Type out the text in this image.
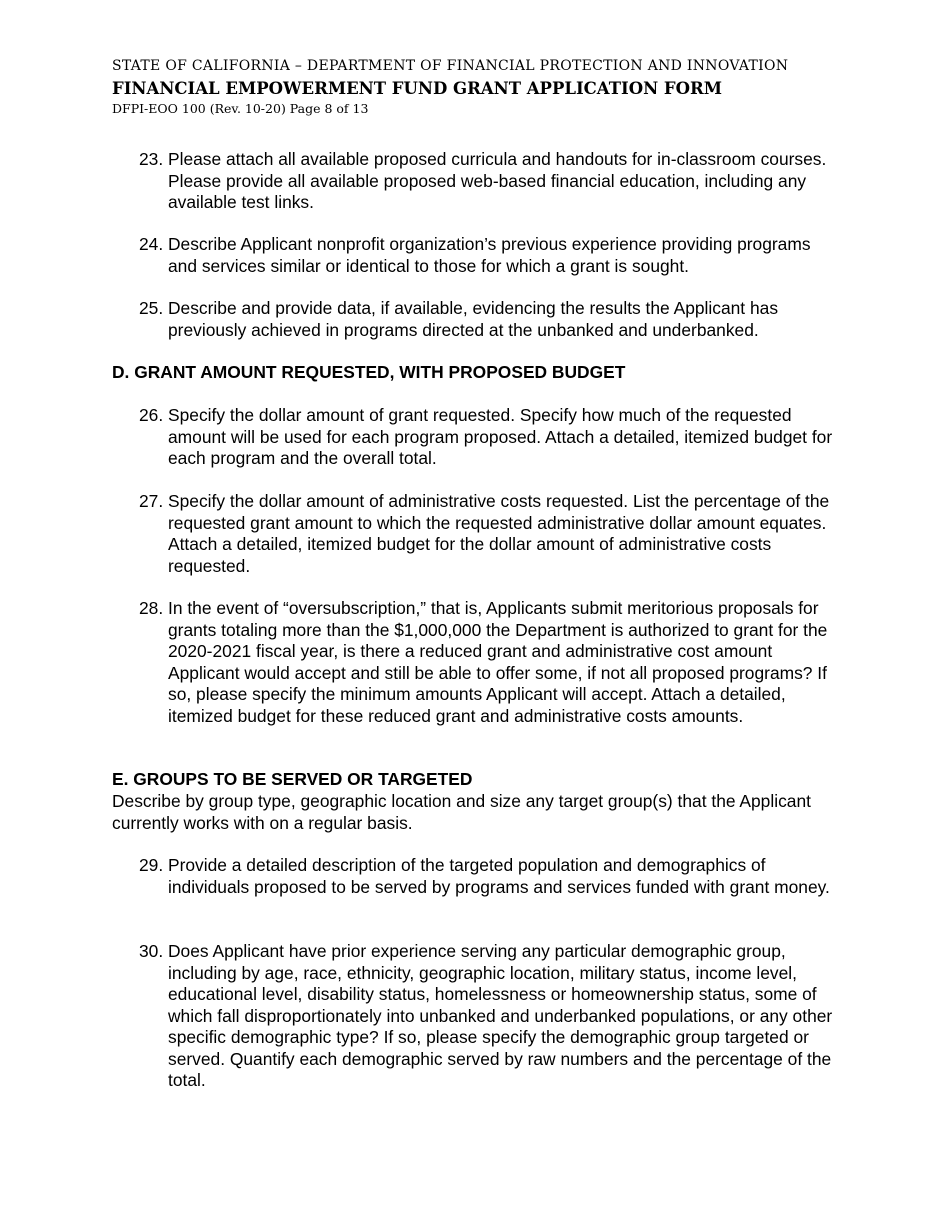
STATE OF CALIFORNIA – DEPARTMENT OF FINANCIAL PROTECTION AND INNOVATION
FINANCIAL EMPOWERMENT FUND GRANT APPLICATION FORM
DFPI-EOO 100 (Rev. 10-20) Page 8 of 13
23. Please attach all available proposed curricula and handouts for in-classroom courses. Please provide all available proposed web-based financial education, including any available test links.
24. Describe Applicant nonprofit organization’s previous experience providing programs and services similar or identical to those for which a grant is sought.
25. Describe and provide data, if available, evidencing the results the Applicant has previously achieved in programs directed at the unbanked and underbanked.
D. GRANT AMOUNT REQUESTED, WITH PROPOSED BUDGET
26. Specify the dollar amount of grant requested. Specify how much of the requested amount will be used for each program proposed. Attach a detailed, itemized budget for each program and the overall total.
27. Specify the dollar amount of administrative costs requested. List the percentage of the requested grant amount to which the requested administrative dollar amount equates. Attach a detailed, itemized budget for the dollar amount of administrative costs requested.
28. In the event of “oversubscription,” that is, Applicants submit meritorious proposals for grants totaling more than the $1,000,000 the Department is authorized to grant for the 2020-2021 fiscal year, is there a reduced grant and administrative cost amount Applicant would accept and still be able to offer some, if not all proposed programs? If so, please specify the minimum amounts Applicant will accept. Attach a detailed, itemized budget for these reduced grant and administrative costs amounts.
E. GROUPS TO BE SERVED OR TARGETED
Describe by group type, geographic location and size any target group(s) that the Applicant currently works with on a regular basis.
29. Provide a detailed description of the targeted population and demographics of individuals proposed to be served by programs and services funded with grant money.
30. Does Applicant have prior experience serving any particular demographic group, including by age, race, ethnicity, geographic location, military status, income level, educational level, disability status, homelessness or homeownership status, some of which fall disproportionately into unbanked and underbanked populations, or any other specific demographic type? If so, please specify the demographic group targeted or served. Quantify each demographic served by raw numbers and the percentage of the total.
